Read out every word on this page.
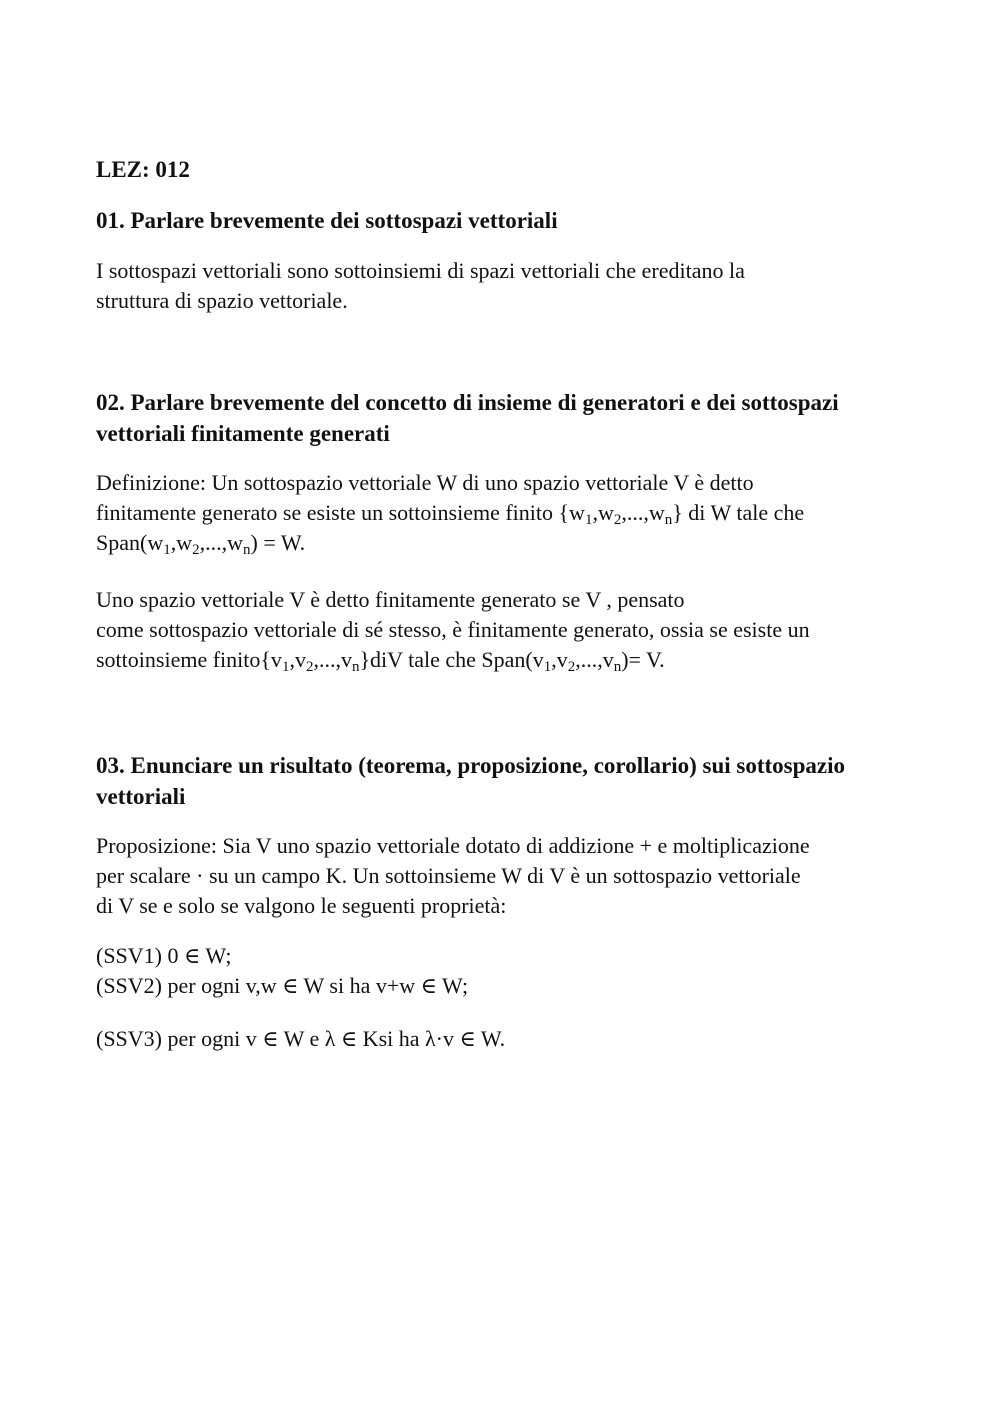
LEZ: 012
01. Parlare brevemente dei sottospazi vettoriali
I sottospazi vettoriali sono sottoinsiemi di spazi vettoriali che ereditano la
struttura di spazio vettoriale.
02. Parlare brevemente del concetto di insieme di generatori e dei sottospazi
vettoriali finitamente generati
Definizione: Un sottospazio vettoriale W di uno spazio vettoriale V è detto
finitamente generato se esiste un sottoinsieme finito $\{w_1,w_2,...,w_n\}$ di W tale che
$Span(w_1,w_2,...,w_n) = W$.
Uno spazio vettoriale V è detto finitamente generato se V , pensato
come sottospazio vettoriale di sé stesso, è finitamente generato, ossia se esiste un
sottoinsieme $finito\{v_1,v_2,...,v_n\}diV$ tale che $Span(v_1,v_2,...,v_n)= V$.
03. Enunciare un risultato (teorema, proposizione, corollario) sui sottospazio
vettoriali
Proposizione: Sia V uno spazio vettoriale dotato di addizione + e moltiplicazione
per scalare · su un campo K. Un sottoinsieme W di V è un sottospazio vettoriale
di V se e solo se valgono le seguenti proprietà:
(SSV1) 0 ∈ W;
(SSV2) per ogni v,w ∈ W si ha v+w ∈ W;
(SSV3) per ogni v ∈ W e λ ∈ Ksi ha λ·v ∈ W.
